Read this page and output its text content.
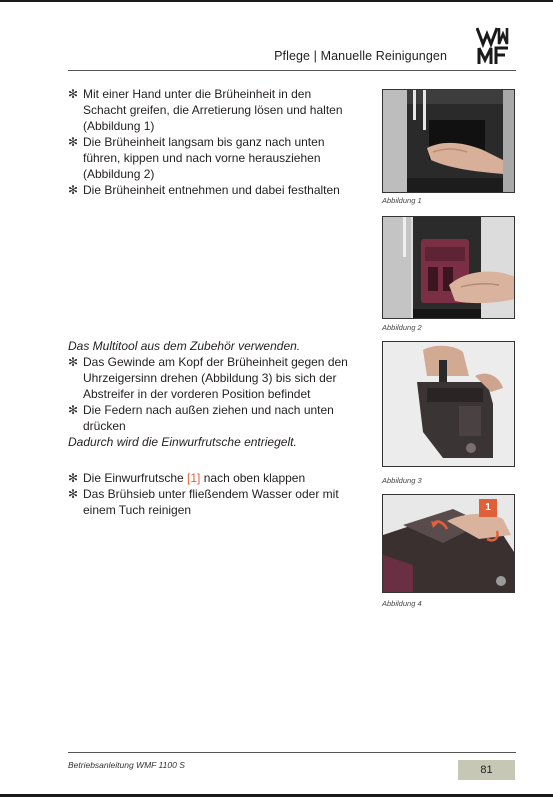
Pflege | Manuelle Reinigungen
✻ Mit einer Hand unter die Brüheinheit in den
Schacht greifen, die Arretierung lösen und halten
(Abbildung 1)
✻ Die Brüheinheit langsam bis ganz nach unten
führen, kippen und nach vorne herausziehen
(Abbildung 2)
✻ Die Brüheinheit entnehmen und dabei festhalten
Das Multitool aus dem Zubehör verwenden.
✻ Das Gewinde am Kopf der Brüheinheit gegen den
Uhrzeigersinn drehen (Abbildung 3) bis sich der
Abstreifer in der vorderen Position befindet
✻ Die Federn nach außen ziehen und nach unten
drücken
Dadurch wird die Einwurfrutsche entriegelt.
✻ Die Einwurfrutsche [1] nach oben klappen
✻ Das Brühsieb unter fließendem Wasser oder mit
einem Tuch reinigen
Abbildung 1
Abbildung 2
Abbildung 3
1
Abbildung 4
Betriebsanleitung WMF 1100 S	81
